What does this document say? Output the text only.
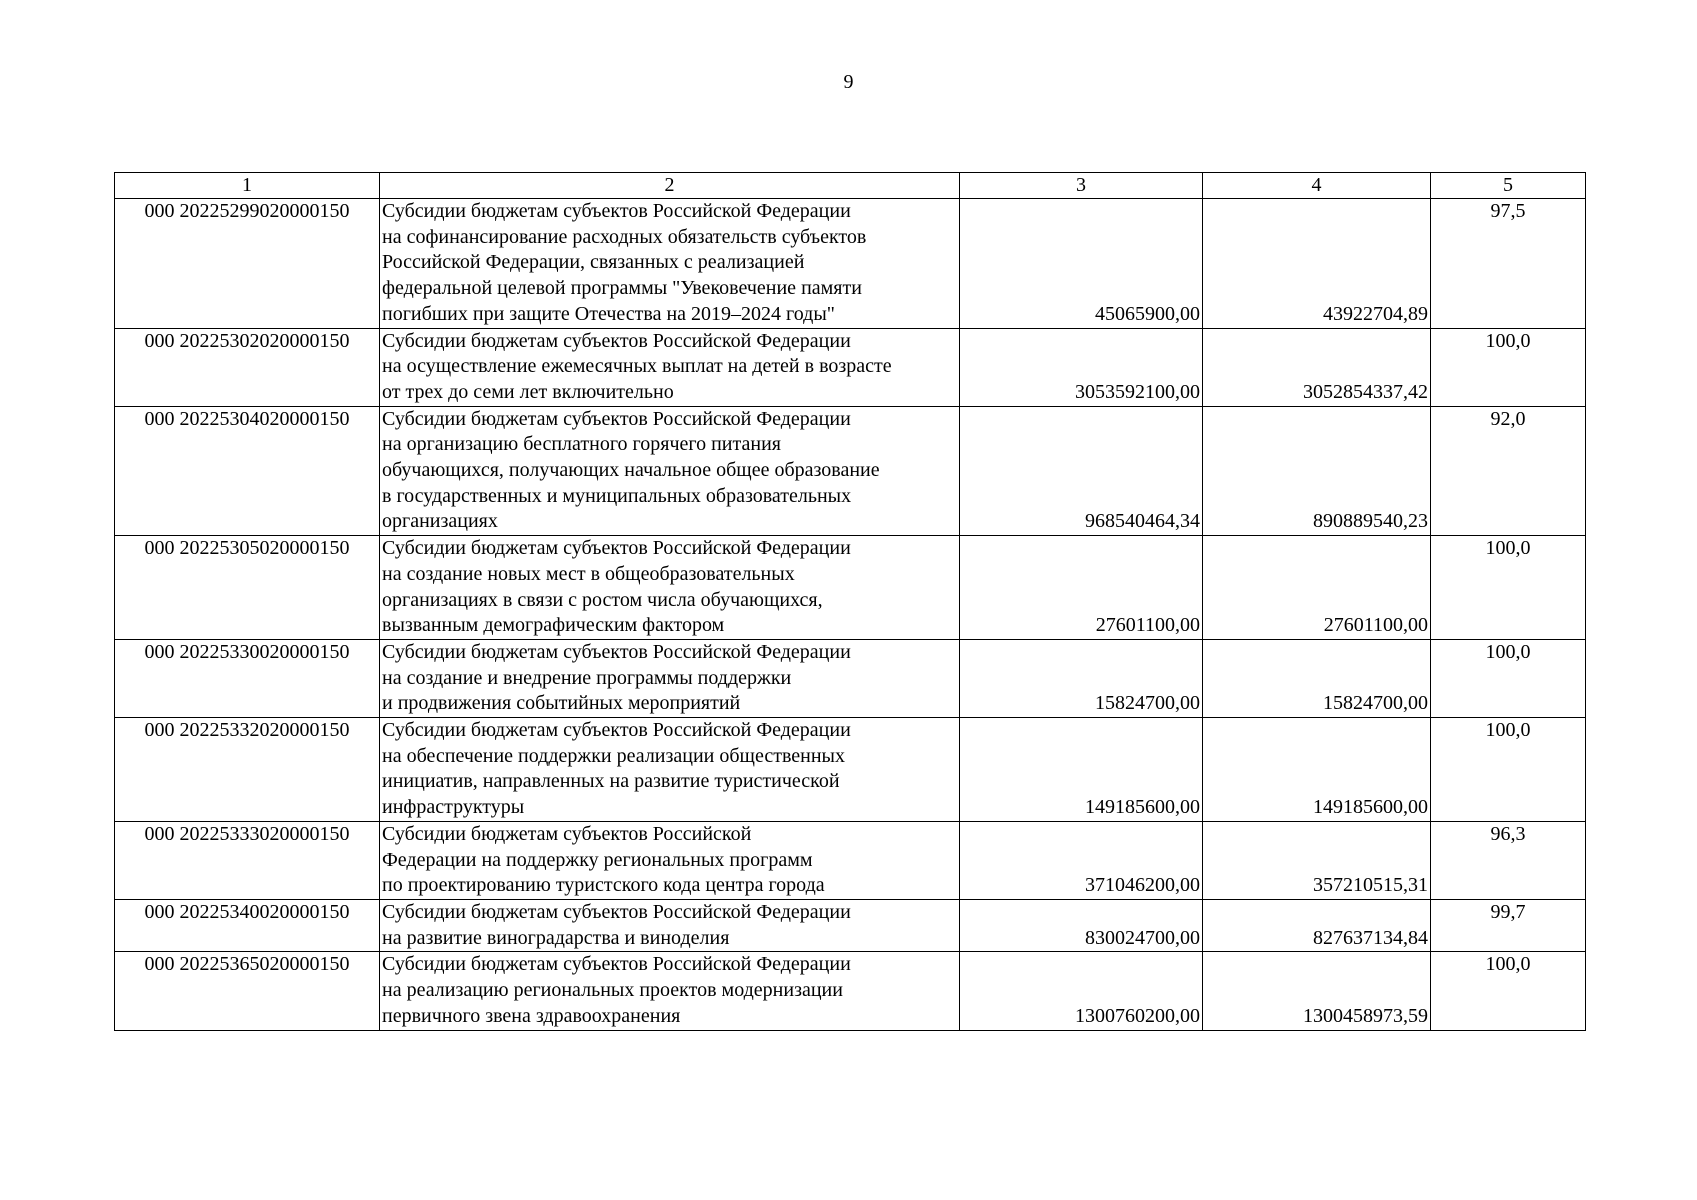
9
1	2	3	4	5
000 20225299020000150	Субсидии бюджетам субъектов Российской Федерации
на софинансирование расходных обязательств субъектов
Российской Федерации, связанных с реализацией
федеральной целевой программы "Увековечение памяти
погибших при защите Отечества на 2019–2024 годы"	45065900,00	43922704,89	97,5
000 20225302020000150	Субсидии бюджетам субъектов Российской Федерации
на осуществление ежемесячных выплат на детей в возрасте
от трех до семи лет включительно	3053592100,00	3052854337,42	100,0
000 20225304020000150	Субсидии бюджетам субъектов Российской Федерации
на организацию бесплатного горячего питания
обучающихся, получающих начальное общее образование
в государственных и муниципальных образовательных
организациях	968540464,34	890889540,23	92,0
000 20225305020000150	Субсидии бюджетам субъектов Российской Федерации
на создание новых мест в общеобразовательных
организациях в связи с ростом числа обучающихся,
вызванным демографическим фактором	27601100,00	27601100,00	100,0
000 20225330020000150	Субсидии бюджетам субъектов Российской Федерации
на создание и внедрение программы поддержки
и продвижения событийных мероприятий	15824700,00	15824700,00	100,0
000 20225332020000150	Субсидии бюджетам субъектов Российской Федерации
на обеспечение поддержки реализации общественных
инициатив, направленных на развитие туристической
инфраструктуры	149185600,00	149185600,00	100,0
000 20225333020000150	Субсидии бюджетам субъектов Российской
Федерации на поддержку региональных программ
по проектированию туристского кода центра города	371046200,00	357210515,31	96,3
000 20225340020000150	Субсидии бюджетам субъектов Российской Федерации
на развитие виноградарства и виноделия	830024700,00	827637134,84	99,7
000 20225365020000150	Субсидии бюджетам субъектов Российской Федерации
на реализацию региональных проектов модернизации
первичного звена здравоохранения	1300760200,00	1300458973,59	100,0
